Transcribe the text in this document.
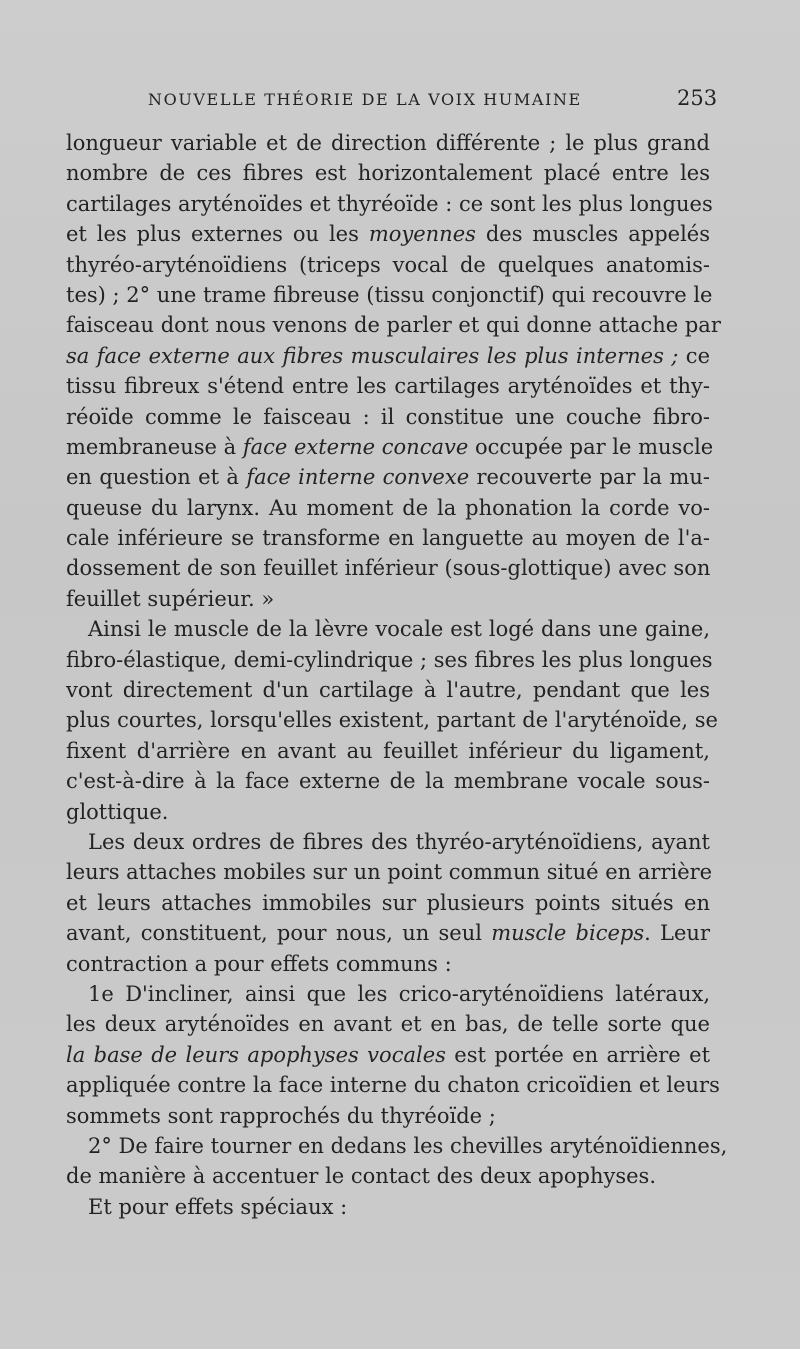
NOUVELLE THÉORIE DE LA VOIX HUMAINE	253
longueur variable et de direction différente ; le plus grand
nombre de ces fibres est horizontalement placé entre les
cartilages aryténoïdes et thyréoïde : ce sont les plus longues
et les plus externes ou les moyennes des muscles appelés
thyréo-aryténoïdiens (triceps vocal de quelques anatomis-
tes) ; 2° une trame fibreuse (tissu conjonctif) qui recouvre le
faisceau dont nous venons de parler et qui donne attache par
sa face externe aux fibres musculaires les plus internes ; ce
tissu fibreux s'étend entre les cartilages aryténoïdes et thy-
réoïde comme le faisceau : il constitue une couche fibro-
membraneuse à face externe concave occupée par le muscle
en question et à face interne convexe recouverte par la mu-
queuse du larynx. Au moment de la phonation la corde vo-
cale inférieure se transforme en languette au moyen de l'a-
dossement de son feuillet inférieur (sous-glottique) avec son
feuillet supérieur. »
Ainsi le muscle de la lèvre vocale est logé dans une gaine,
fibro-élastique, demi-cylindrique ; ses fibres les plus longues
vont directement d'un cartilage à l'autre, pendant que les
plus courtes, lorsqu'elles existent, partant de l'aryténoïde, se
fixent d'arrière en avant au feuillet inférieur du ligament,
c'est-à-dire à la face externe de la membrane vocale sous-
glottique.
Les deux ordres de fibres des thyréo-aryténoïdiens, ayant
leurs attaches mobiles sur un point commun situé en arrière
et leurs attaches immobiles sur plusieurs points situés en
avant, constituent, pour nous, un seul muscle biceps. Leur
contraction a pour effets communs :
1e D'incliner, ainsi que les crico-aryténoïdiens latéraux,
les deux aryténoïdes en avant et en bas, de telle sorte que
la base de leurs apophyses vocales est portée en arrière et
appliquée contre la face interne du chaton cricoïdien et leurs
sommets sont rapprochés du thyréoïde ;
2° De faire tourner en dedans les chevilles aryténoïdiennes,
de manière à accentuer le contact des deux apophyses.
Et pour effets spéciaux :
